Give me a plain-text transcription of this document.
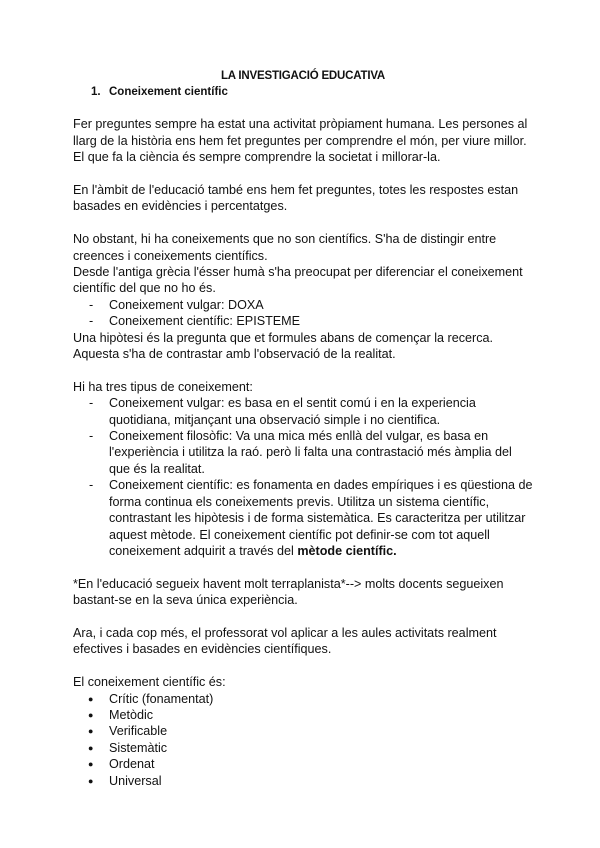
LA INVESTIGACIÓ EDUCATIVA
1. Coneixement científic

Fer preguntes sempre ha estat una activitat pròpiament humana. Les persones al llarg de la història ens hem fet preguntes per comprendre el món, per viure millor. El que fa la ciència és sempre comprendre la societat i millorar-la.

En l'àmbit de l'educació també ens hem fet preguntes, totes les respostes estan basades en evidències i percentatges.

No obstant, hi ha coneixements que no son científics. S'ha de distingir entre creences i coneixements científics.

Desde l'antiga grècia l'ésser humà s'ha preocupat per diferenciar el coneixement científic del que no ho és.

- Coneixement vulgar: DOXA
- Coneixement científic: EPISTEME

Una hipòtesi és la pregunta que et formules abans de començar la recerca. Aquesta s'ha de contrastar amb l'observació de la realitat.

Hi ha tres tipus de coneixement:

- Coneixement vulgar: es basa en el sentit comú i en la experiencia quotidiana, mitjançant una observació simple i no cientifica.
- Coneixement filosòfic: Va una mica més enllà del vulgar, es basa en l'experiència i utilitza la raó. però li falta una contrastació més àmplia del que és la realitat.
- Coneixement científic: es fonamenta en dades empíriques i es qüestiona de forma continua els coneixements previs. Utilitza un sistema científic, contrastant les hipòtesis i de forma sistemàtica. Es caracteritza per utilitzar aquest mètode. El coneixement científic pot definir-se com tot aquell coneixement adquirit a través del mètode científic.

*En l'educació segueix havent molt terraplanista*--> molts docents segueixen bastant-se en la seva única experiència.

Ara, i cada cop més, el professorat vol aplicar a les aules activitats realment efectives i basades en evidències científiques.

El coneixement científic és:

● Crític (fonamentat)
● Metòdic
● Verificable
● Sistemàtic
● Ordenat
● Universal
